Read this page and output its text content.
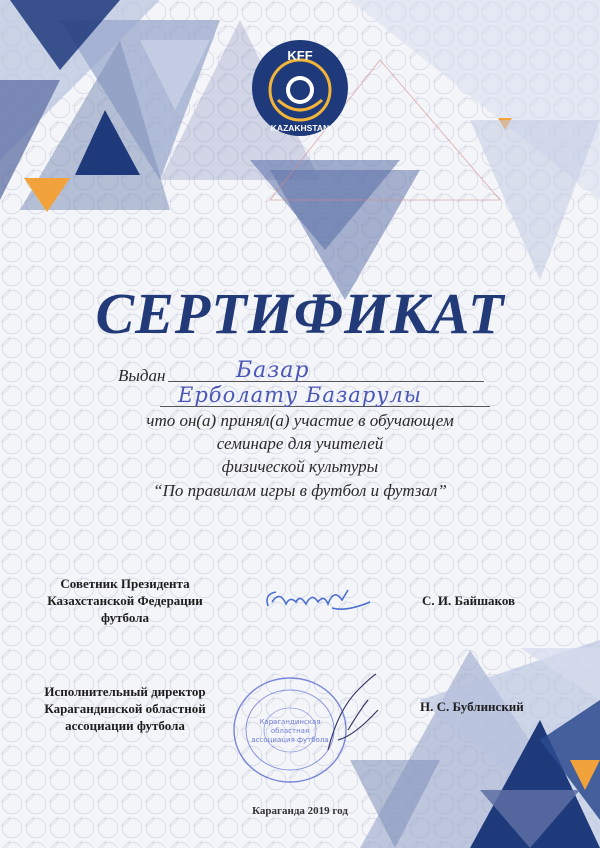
KFF
KAZAKHSTAN
СЕРТИФИКАТ
Выдан	Базар
Ерболату Базарулы
что он(а) принял(а) участие в обучающем
семинаре для учителей
физической культуры
“По правилам игры в футбол и футзал”
Советник Президента
Казахстанской Федерации
футбола
С. И. Байшаков
Исполнительный директор
Карагандинской областной
ассоциации футбола	Карагандинская
областная
ассоциация футбола
Н. С. Бублинский
Караганда 2019 год
